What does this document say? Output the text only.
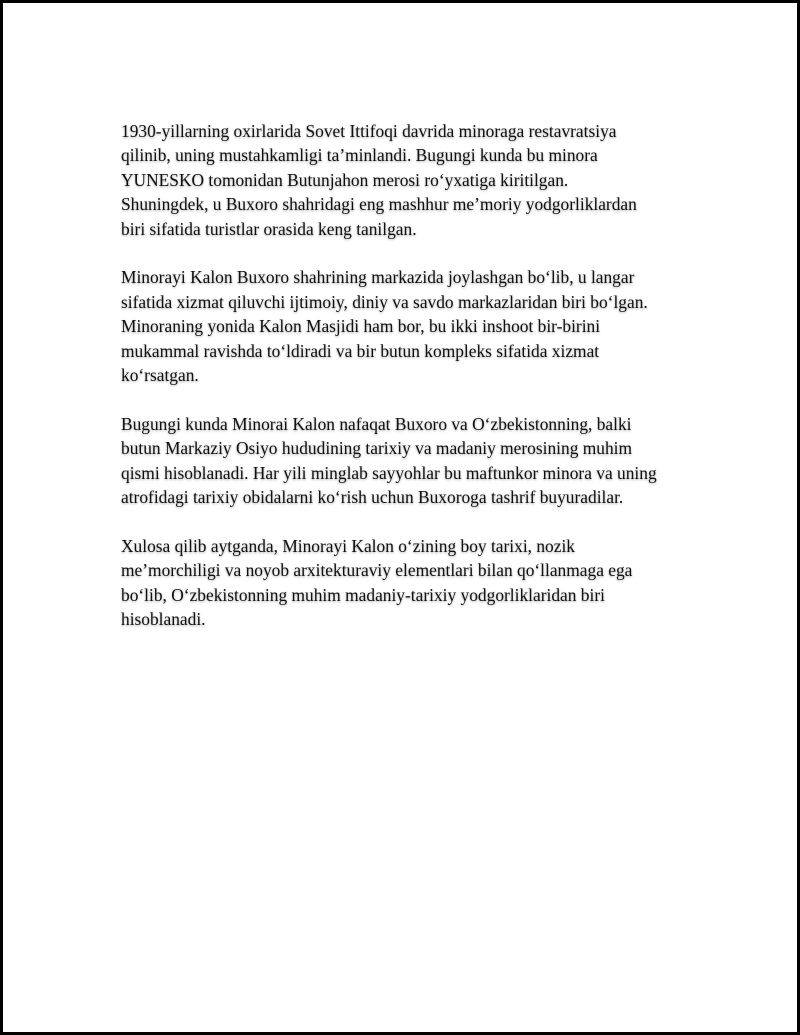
1930-yillarning oxirlarida Sovet Ittifoqi davrida minoraga restavratsiya
qilinib, uning mustahkamligi ta’minlandi. Bugungi kunda bu minora
YUNESKO tomonidan Butunjahon merosi ro‘yxatiga kiritilgan.
Shuningdek, u Buxoro shahridagi eng mashhur me’moriy yodgorliklardan
biri sifatida turistlar orasida keng tanilgan.

Minorayi Kalon Buxoro shahrining markazida joylashgan bo‘lib, u langar
sifatida xizmat qiluvchi ijtimoiy, diniy va savdo markazlaridan biri bo‘lgan.
Minoraning yonida Kalon Masjidi ham bor, bu ikki inshoot bir-birini
mukammal ravishda to‘ldiradi va bir butun kompleks sifatida xizmat
ko‘rsatgan.

Bugungi kunda Minorai Kalon nafaqat Buxoro va O‘zbekistonning, balki
butun Markaziy Osiyo hududining tarixiy va madaniy merosining muhim
qismi hisoblanadi. Har yili minglab sayyohlar bu maftunkor minora va uning
atrofidagi tarixiy obidalarni ko‘rish uchun Buxoroga tashrif buyuradilar.

Xulosa qilib aytganda, Minorayi Kalon o‘zining boy tarixi, nozik
me’morchiligi va noyob arxitekturaviy elementlari bilan qo‘llanmaga ega
bo‘lib, O‘zbekistonning muhim madaniy-tarixiy yodgorliklaridan biri
hisoblanadi.
